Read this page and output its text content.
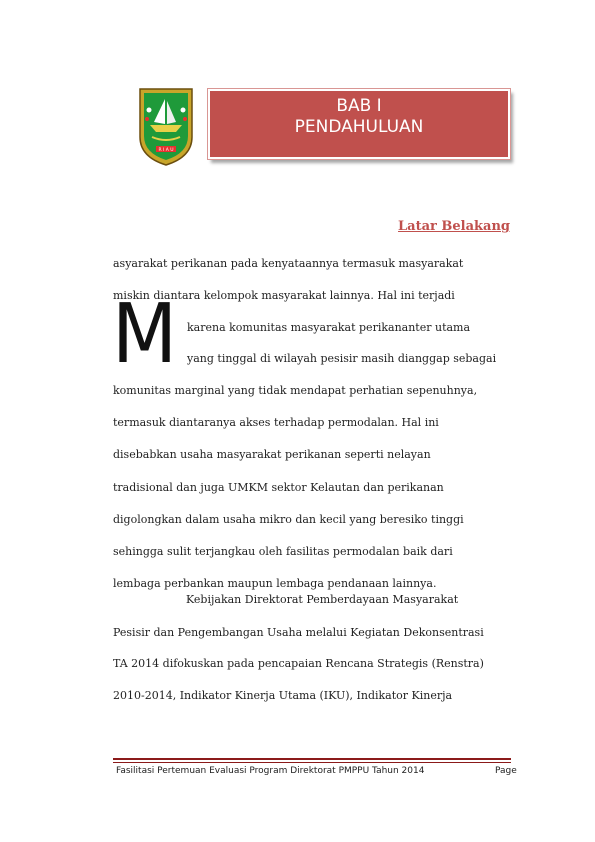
R I A U
BAB I
PENDAHULUAN
Latar Belakang
M
asyarakat perikanan pada kenyataannya termasuk masyarakat
miskin diantara kelompok masyarakat lainnya. Hal ini terjadi
karena komunitas masyarakat perikananter utama
yang tinggal di wilayah pesisir masih dianggap sebagai
komunitas marginal yang tidak mendapat perhatian sepenuhnya,
termasuk diantaranya akses terhadap permodalan. Hal ini
disebabkan usaha masyarakat perikanan seperti nelayan
tradisional dan juga UMKM sektor Kelautan dan perikanan
digolongkan dalam usaha mikro dan kecil yang beresiko tinggi
sehingga sulit terjangkau oleh fasilitas permodalan baik dari
lembaga perbankan maupun lembaga pendanaan lainnya.
Kebijakan Direktorat Pemberdayaan Masyarakat
Pesisir dan Pengembangan Usaha melalui Kegiatan Dekonsentrasi
TA 2014 difokuskan pada pencapaian Rencana Strategis (Renstra)
2010-2014, Indikator Kinerja Utama (IKU), Indikator Kinerja
Fasilitasi Pertemuan Evaluasi Program Direktorat PMPPU Tahun 2014	Page
